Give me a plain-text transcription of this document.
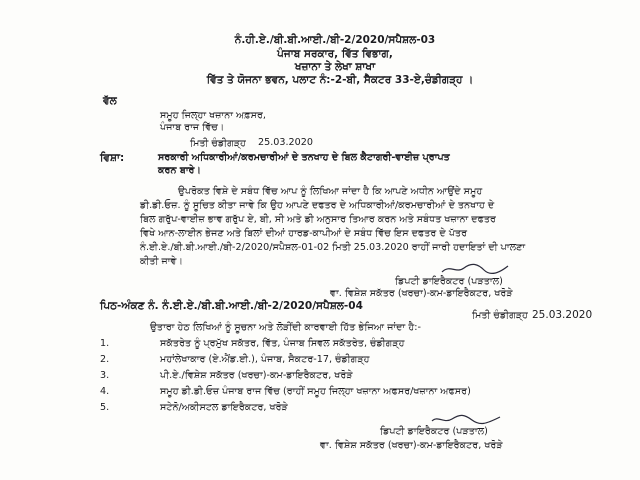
ਨੰ.ਹੀ.ਏ./ਬੀ.ਬੀ.ਆਈ./ਬੀ-2/2020/ਸਪੈਸ਼ਲ-03
ਪੰਜਾਬ ਸਰਕਾਰ, ਵਿੱਤ ਵਿਭਾਗ,
ਖਜ਼ਾਨਾ ਤੇ ਲੇਖਾ ਸ਼ਾਖਾ
ਵਿੱਤ ਤੇ ਯੋਜਨਾ ਭਵਨ, ਪਲਾਟ ਨੰ:-2-ਬੀ, ਸੈਕਟਰ 33-ਏ,ਚੰਡੀਗੜ੍ਹ ।
ਵੱਲ
ਸਮੂਹ ਜਿਲ੍ਹਾ ਖਜ਼ਾਨਾ ਅਫ਼ਸਰ,
ਪੰਜਾਬ ਰਾਜ ਵਿੱਚ।
ਮਿਤੀ ਚੰਡੀਗੜ੍ਹ 25.03.2020
ਵਿਸ਼ਾ:	ਸਰਕਾਰੀ ਅਧਿਕਾਰੀਆਂ/ਕਰਮਚਾਰੀਆਂ ਦੇ ਤਨਖਾਹ ਦੇ ਬਿਲ ਕੈਟਾਗਰੀ-ਵਾਈਜ਼ ਪ੍ਰਾਪਤ
ਕਰਨ ਬਾਰੇ।
ਉਪਰੋਕਤ ਵਿਸ਼ੇ ਦੇ ਸਬੰਧ ਵਿੱਚ ਆਪ ਨੂੰ ਲਿਖਿਆ ਜਾਂਦਾ ਹੈ ਕਿ ਆਪਣੇ ਅਧੀਨ ਆਉਂਦੇ ਸਮੂਹ
ਡੀ.ਡੀ.ਓਜ਼. ਨੂੰ ਸੂਚਿਤ ਕੀਤਾ ਜਾਵੇ ਕਿ ਉਹ ਆਪਣੇ ਦਫਤਰ ਦੇ ਅਧਿਕਾਰੀਆਂ/ਕਰਮਚਾਰੀਆਂ ਦੇ ਤਨਖਾਹ ਦੇ
ਬਿਲ ਗਰੁੱਪ-ਵਾਈਜ਼ ਭਾਵ ਗਰੁੱਪ ਏ, ਬੀ, ਸੀ ਅਤੇ ਡੀ ਅਨੁਸਾਰ ਤਿਆਰ ਕਰਨ ਅਤੇ ਸਬੰਧਤ ਖਜ਼ਾਨਾ ਦਫਤਰ
ਵਿਖੇ ਆਨ-ਲਾਈਨ ਭੇਜਣ ਅਤੇ ਬਿਲਾਂ ਦੀਆਂ ਹਾਰਡ-ਕਾਪੀਆਂ ਦੇ ਸਬੰਧ ਵਿੱਚ ਇਸ ਦਫਤਰ ਦੇ ਪੱਤਰ
ਨੰ.ਈ.ਏ./ਬੀ.ਬੀ.ਆਈ./ਬੀ-2/2020/ਸਪੈਸ਼ਲ-01-02 ਮਿਤੀ 25.03.2020 ਰਾਹੀਂ ਜਾਰੀ ਹਦਾਇਤਾਂ ਦੀ ਪਾਲਣਾ
ਕੀਤੀ ਜਾਵੇ।
ਡਿਪਟੀ ਡਾਇਰੈਕਟਰ (ਪੜਤਾਲ)
ਵਾ. ਵਿਸ਼ੇਸ਼ ਸਕੱਤਰ (ਖਰਚਾ)-ਕਮ-ਡਾਇਰੈਕਟਰ, ਖਰੋੜੇ
ਪਿਠ-ਅੰਕਣ ਨੰ. ਨੰ.ਈ.ਏ./ਬੀ.ਬੀ.ਆਈ./ਬੀ-2/2020/ਸਪੈਸ਼ਲ-04
ਮਿਤੀ ਚੰਡੀਗੜ੍ਹ 25.03.2020
ਉਤਾਰਾ ਹੇਠ ਲਿਖਿਆਂ ਨੂੰ ਸੂਚਨਾ ਅਤੇ ਲੋੜੀਂਦੀ ਕਾਰਵਾਈ ਹਿੱਤ ਭੇਜਿਆ ਜਾਂਦਾ ਹੈ:-
1.	ਸਕੱਤਰੇਤ ਨੂੰ ਪ੍ਰਮੁੱਖ ਸਕੱਤਰ, ਵਿੱਤ, ਪੰਜਾਬ ਸਿਵਲ ਸਕੱਤਰੇਤ, ਚੰਡੀਗੜ੍ਹ
2.	ਮਹਾਂਲੇਖਾਕਾਰ (ਏ.ਐਂਡ.ਈ.), ਪੰਜਾਬ, ਸੈਕਟਰ-17, ਚੰਡੀਗੜ੍ਹ
3.	ਪੀ.ਏ./ਵਿਸ਼ੇਸ਼ ਸਕੱਤਰ (ਖਰਚਾ)-ਕਮ-ਡਾਇਰੈਕਟਰ, ਖਰੋੜੇ
4.	ਸਮੂਹ ਡੀ.ਡੀ.ਓਜ਼ ਪੰਜਾਬ ਰਾਜ ਵਿੱਚ (ਰਾਹੀਂ ਸਮੂਹ ਜਿਲ੍ਹਾ ਖਜ਼ਾਨਾ ਅਫਸਰ/ਖਜ਼ਾਨਾ ਅਫਸਰ)
5.	ਸਟੇਨੋ/ਅਕੀਸਟਲ ਡਾਇਰੈਕਟਰ, ਖਰੋੜੇ
ਡਿਪਟੀ ਡਾਇਰੈਕਟਰ (ਪੜਤਾਲ)
ਵਾ. ਵਿਸ਼ੇਸ਼ ਸਕੱਤਰ (ਖਰਚਾ)-ਕਮ-ਡਾਇਰੈਕਟਰ, ਖਰੋੜੇ
